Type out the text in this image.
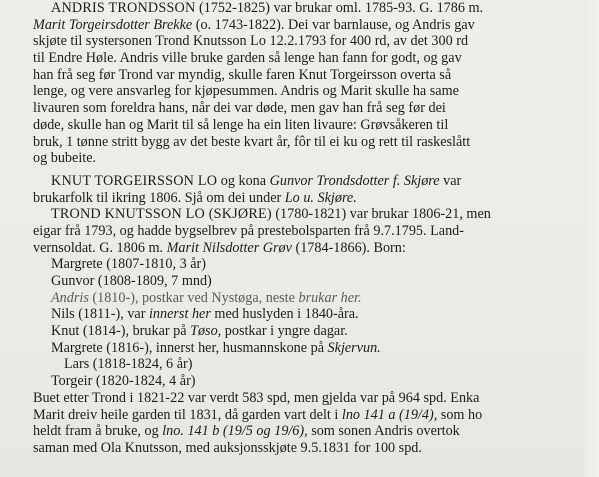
ANDRIS TRONDSSON (1752-1825) var brukar oml. 1785-93. G. 1786 m.
Marit Torgeirsdotter Brekke (o. 1743-1822). Dei var barnlause, og Andris gav
skjøte til systersonen Trond Knutsson Lo 12.2.1793 for 400 rd, av det 300 rd
til Endre Høle. Andris ville bruke garden så lenge han fann for godt, og gav
han frå seg før Trond var myndig, skulle faren Knut Torgeirsson overta så
lenge, og vere ansvarleg for kjøpesummen. Andris og Marit skulle ha same
livauren som foreldra hans, når dei var døde, men gav han frå seg før dei
døde, skulle han og Marit til så lenge ha ein liten livaure: Grøvsåkeren til
bruk, 1 tønne stritt bygg av det beste kvart år, fôr til ei ku og rett til raskeslått
og bubeite.
KNUT TORGEIRSSON LO og kona Gunvor Trondsdotter f. Skjøre var
brukarfolk til ikring 1806. Sjå om dei under Lo u. Skjøre.
TROND KNUTSSON LO (SKJØRE) (1780-1821) var brukar 1806-21, men
eigar frå 1793, og hadde bygselbrev på prestebolsparten frå 9.7.1795. Land-
vernsoldat. G. 1806 m. Marit Nilsdotter Grøv (1784-1866). Born:
Margrete (1807-1810, 3 år)
Gunvor (1808-1809, 7 mnd)
Andris (1810-), postkar ved Nystøga, neste brukar her.
Nils (1811-), var innerst her med huslyden i 1840-åra.
Knut (1814-), brukar på Tøso, postkar i yngre dagar.
Margrete (1816-), innerst her, husmannskone på Skjervun.
Lars (1818-1824, 6 år)
Torgeir (1820-1824, 4 år)
Buet etter Trond i 1821-22 var verdt 583 spd, men gjelda var på 964 spd. Enka
Marit dreiv heile garden til 1831, då garden vart delt i lno 141 a (19/4), som ho
heldt fram å bruke, og lno. 141 b (19/5 og 19/6), som sonen Andris overtok
saman med Ola Knutsson, med auksjonsskjøte 9.5.1831 for 100 spd.
